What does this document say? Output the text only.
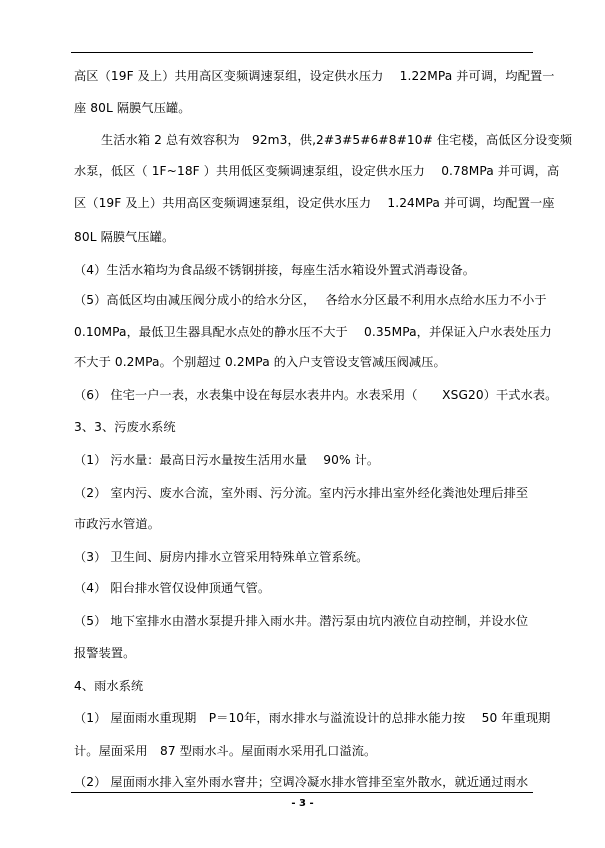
高区（19F 及上）共用高区变频调速泵组，设定供水压力　 1.22MPa 并可调，均配置一
座 80L 隔膜气压罐。
生活水箱 2 总有效容积为　92m3，供,2#3#5#6#8#10# 住宅楼，高低区分设变频
水泵，低区（ 1F~18F ）共用低区变频调速泵组，设定供水压力　 0.78MPa 并可调，高
区（19F 及上）共用高区变频调速泵组，设定供水压力　 1.24MPa 并可调，均配置一座
80L 隔膜气压罐。
（4）生活水箱均为食品级不锈钢拼接，每座生活水箱设外置式消毒设备。
（5）高低区均由减压阀分成小的给水分区，　 各给水分区最不利用水点给水压力不小于
0.10MPa，最低卫生器具配水点处的静水压不大于　 0.35MPa，并保证入户水表处压力
不大于 0.2MPa。个别超过 0.2MPa 的入户支管设支管减压阀减压。
（6） 住宅一户一表，水表集中设在每层水表井内。水表采用（　　XSG20）干式水表。
3、3、污废水系统
（1） 污水量：最高日污水量按生活用水量　 90% 计。
（2） 室内污、废水合流，室外雨、污分流。室内污水排出室外经化粪池处理后排至
市政污水管道。
（3） 卫生间、厨房内排水立管采用特殊单立管系统。
（4） 阳台排水管仅设伸顶通气管。
（5） 地下室排水由潜水泵提升排入雨水井。潜污泵由坑内液位自动控制，并设水位
报警装置。
4、雨水系统
（1） 屋面雨水重现期　P＝10年，雨水排水与溢流设计的总排水能力按　 50 年重现期
计。屋面采用　87 型雨水斗。屋面雨水采用孔口溢流。
（2） 屋面雨水排入室外雨水窨井；空调冷凝水排水管排至室外散水，就近通过雨水
- 3 -
